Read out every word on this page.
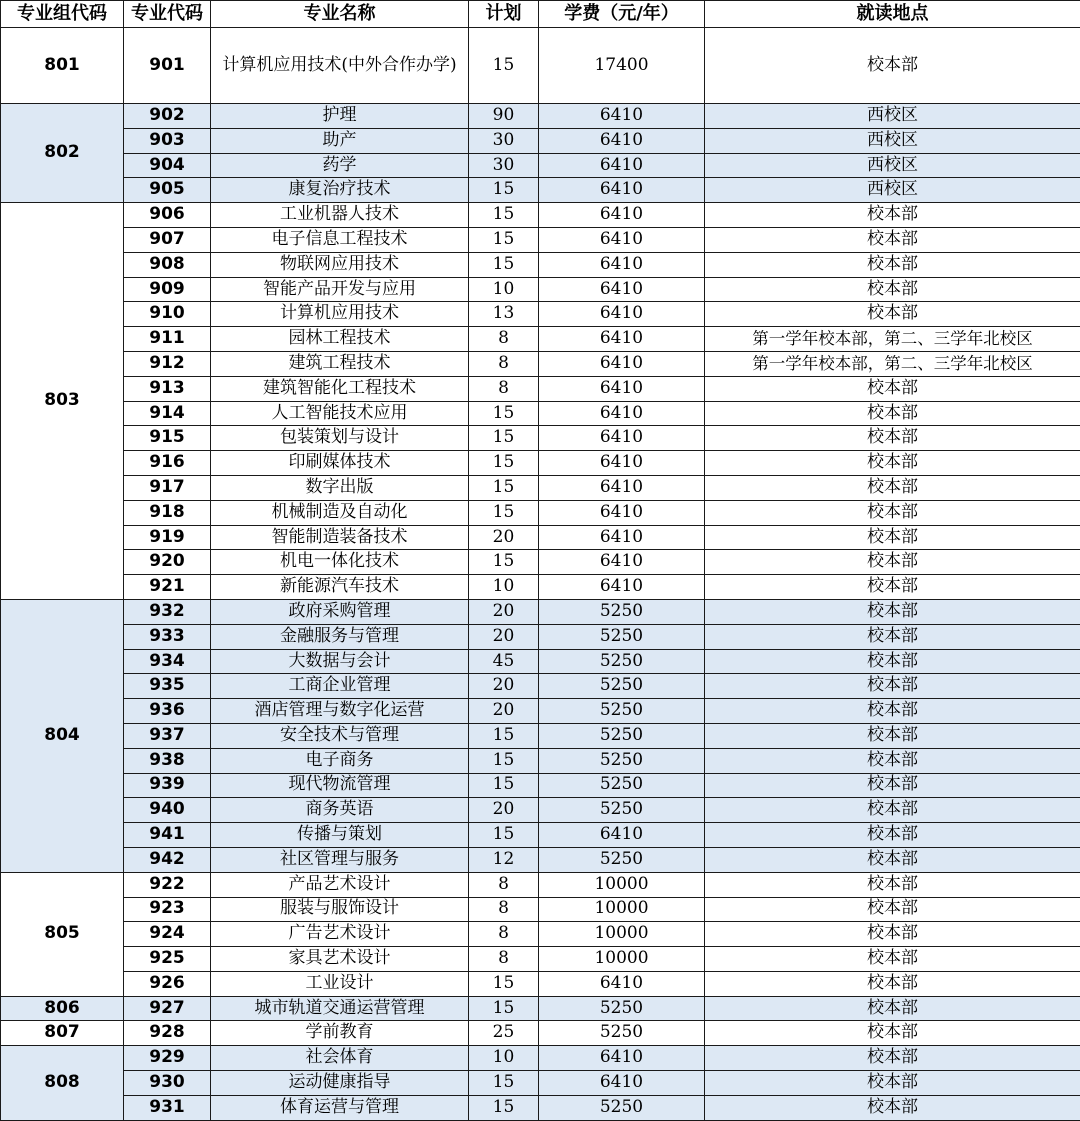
专业组代码	专业代码	专业名称	计划	学费（元/年）	就读地点
801	901	计算机应用技术(中外合作办学)	15	17400	校本部
802	902	护理	90	6410	西校区
	903	助产	30	6410	西校区
	904	药学	30	6410	西校区
	905	康复治疗技术	15	6410	西校区
803	906	工业机器人技术	15	6410	校本部
	907	电子信息工程技术	15	6410	校本部
	908	物联网应用技术	15	6410	校本部
	909	智能产品开发与应用	10	6410	校本部
	910	计算机应用技术	13	6410	校本部
	911	园林工程技术	8	6410	第一学年校本部，第二、三学年北校区
	912	建筑工程技术	8	6410	第一学年校本部，第二、三学年北校区
	913	建筑智能化工程技术	8	6410	校本部
	914	人工智能技术应用	15	6410	校本部
	915	包装策划与设计	15	6410	校本部
	916	印刷媒体技术	15	6410	校本部
	917	数字出版	15	6410	校本部
	918	机械制造及自动化	15	6410	校本部
	919	智能制造装备技术	20	6410	校本部
	920	机电一体化技术	15	6410	校本部
	921	新能源汽车技术	10	6410	校本部
804	932	政府采购管理	20	5250	校本部
	933	金融服务与管理	20	5250	校本部
	934	大数据与会计	45	5250	校本部
	935	工商企业管理	20	5250	校本部
	936	酒店管理与数字化运营	20	5250	校本部
	937	安全技术与管理	15	5250	校本部
	938	电子商务	15	5250	校本部
	939	现代物流管理	15	5250	校本部
	940	商务英语	20	5250	校本部
	941	传播与策划	15	6410	校本部
	942	社区管理与服务	12	5250	校本部
805	922	产品艺术设计	8	10000	校本部
	923	服装与服饰设计	8	10000	校本部
	924	广告艺术设计	8	10000	校本部
	925	家具艺术设计	8	10000	校本部
	926	工业设计	15	6410	校本部
806	927	城市轨道交通运营管理	15	5250	校本部
807	928	学前教育	25	5250	校本部
808	929	社会体育	10	6410	校本部
	930	运动健康指导	15	6410	校本部
	931	体育运营与管理	15	5250	校本部
